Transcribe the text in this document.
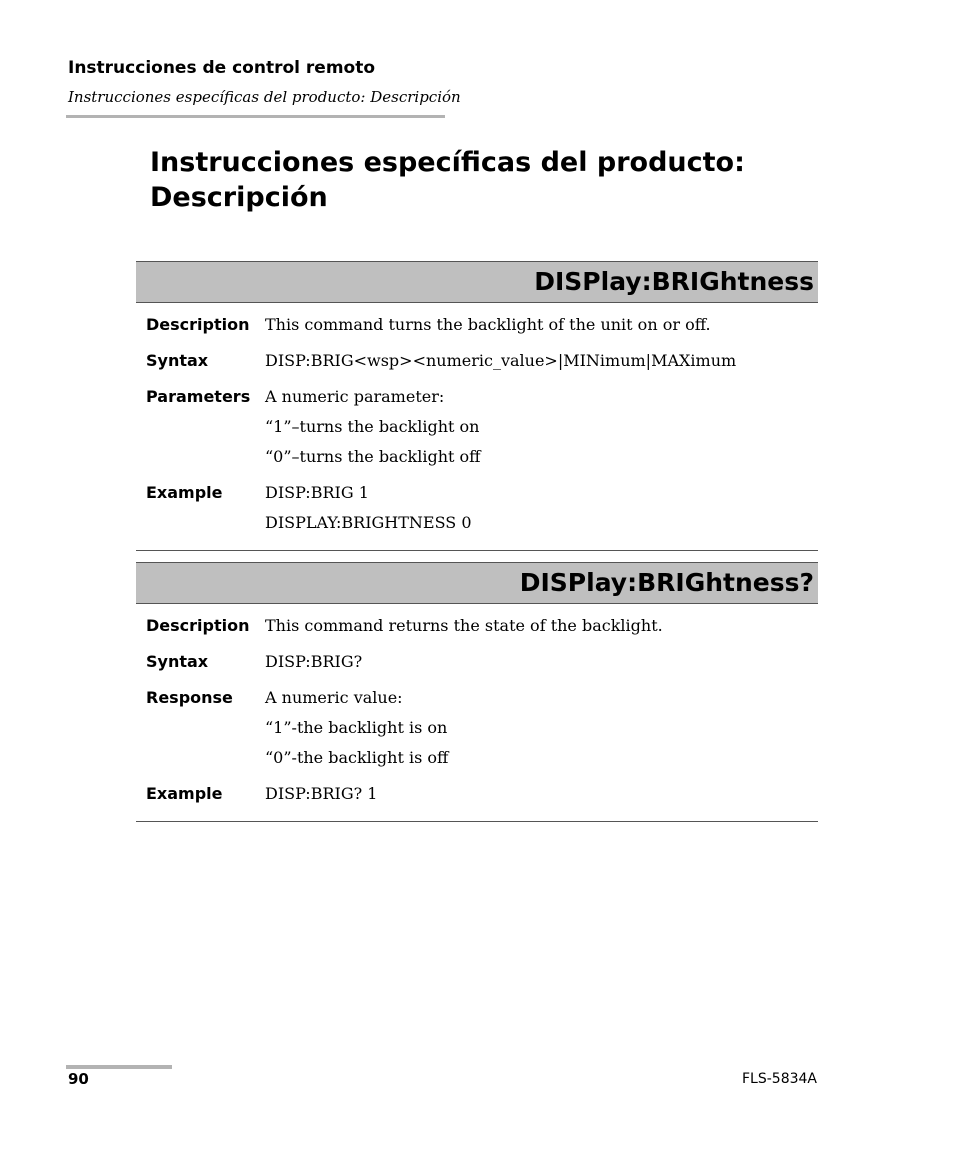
Instrucciones de control remoto
Instrucciones específicas del producto: Descripción
Instrucciones específicas del producto:
Descripción
DISPlay:BRIGhtness
Description This command turns the backlight of the unit on or off.
Syntax	DISP:BRIG<wsp><numeric_value>|MINimum|MAXimum
Parameters A numeric parameter:
“1”–turns the backlight on
“0”–turns the backlight off
Example	DISP:BRIG 1
DISPLAY:BRIGHTNESS 0
DISPlay:BRIGhtness?
Description This command returns the state of the backlight.
Syntax	DISP:BRIG?
Response	A numeric value:
“1”-the backlight is on
“0”-the backlight is off
Example	DISP:BRIG? 1
90	FLS-5834A
